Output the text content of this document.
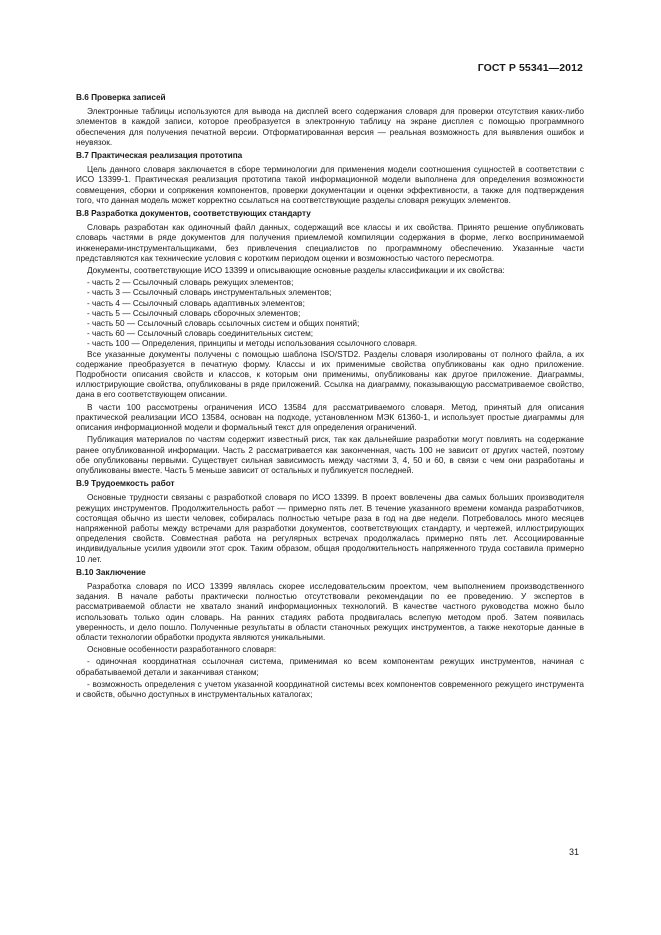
ГОСТ Р 55341—2012
В.6 Проверка записей

Электронные таблицы используются для вывода на дисплей всего содержания словаря для проверки отсутствия каких-либо элементов в каждой записи, которое преобразуется в электронную таблицу на экране дисплея с помощью программного обеспечения для получения печатной версии. Отформатированная версия — реальная возможность для выявления ошибок и неувязок.

В.7 Практическая реализация прототипа

Цель данного словаря заключается в сборе терминологии для применения модели соотношения сущностей в соответствии с ИСО 13399-1. Практическая реализация прототипа такой информационной модели выполнена для определения возможности совмещения, сборки и сопряжения компонентов, проверки документации и оценки эффективности, а также для подтверждения того, что данная модель может корректно ссылаться на соответствующие разделы словаря режущих элементов.

В.8 Разработка документов, соответствующих стандарту

Словарь разработан как одиночный файл данных, содержащий все классы и их свойства. Принято решение опубликовать словарь частями в ряде документов для получения приемлемой компиляции содержания в форме, легко воспринимаемой инженерами-инструментальщиками, без привлечения специалистов по программному обеспечению. Указанные части представляются как технические условия с коротким периодом оценки и возможностью частого пересмотра.

Документы, соответствующие ИСО 13399 и описывающие основные разделы классификации и их свойства:

- часть 2 — Ссылочный словарь режущих элементов;
- часть 3 — Ссылочный словарь инструментальных элементов;
- часть 4 — Ссылочный словарь адаптивных элементов;
- часть 5 — Ссылочный словарь сборочных элементов;
- часть 50 — Ссылочный словарь ссылочных систем и общих понятий;
- часть 60 — Ссылочный словарь соединительных систем;
- часть 100 — Определения, принципы и методы использования ссылочного словаря.

Все указанные документы получены с помощью шаблона ISO/STD2. Разделы словаря изолированы от полного файла, а их содержание преобразуется в печатную форму. Классы и их применимые свойства опубликованы как одно приложение. Подробности описания свойств и классов, к которым они применимы, опубликованы как другое приложение. Диаграммы, иллюстрирующие свойства, опубликованы в ряде приложений. Ссылка на диаграмму, показывающую рассматриваемое свойство, дана в его соответствующем описании.

В части 100 рассмотрены ограничения ИСО 13584 для рассматриваемого словаря. Метод, принятый для описания практической реализации ИСО 13584, основан на подходе, установленном МЭК 61360-1, и использует простые диаграммы для описания информационной модели и формальный текст для определения ограничений.

Публикация материалов по частям содержит известный риск, так как дальнейшие разработки могут повлиять на содержание ранее опубликованной информации. Часть 2 рассматривается как законченная, часть 100 не зависит от других частей, поэтому обе опубликованы первыми. Существует сильная зависимость между частями 3, 4, 50 и 60, в связи с чем они разработаны и опубликованы вместе. Часть 5 меньше зависит от остальных и публикуется последней.

В.9 Трудоемкость работ

Основные трудности связаны с разработкой словаря по ИСО 13399. В проект вовлечены два самых больших производителя режущих инструментов. Продолжительность работ — примерно пять лет. В течение указанного времени команда разработчиков, состоящая обычно из шести человек, собиралась полностью четыре раза в год на две недели. Потребовалось много месяцев напряженной работы между встречами для разработки документов, соответствующих стандарту, и чертежей, иллюстрирующих определения свойств. Совместная работа на регулярных встречах продолжалась примерно пять лет. Ассоциированные индивидуальные усилия удвоили этот срок. Таким образом, общая продолжительность напряженного труда составила примерно 10 лет.

В.10 Заключение

Разработка словаря по ИСО 13399 являлась скорее исследовательским проектом, чем выполнением производственного задания. В начале работы практически полностью отсутствовали рекомендации по ее проведению. У экспертов в рассматриваемой области не хватало знаний информационных технологий. В качестве частного руководства можно было использовать только один словарь. На ранних стадиях работа продвигалась вслепую методом проб. Затем появилась уверенность, и дело пошло. Полученные результаты в области станочных режущих инструментов, а также некоторые данные в области технологии обработки продукта являются уникальными.

Основные особенности разработанного словаря:

- одиночная координатная ссылочная система, применимая ко всем компонентам режущих инструментов, начиная с обрабатываемой детали и заканчивая станком;

- возможность определения с учетом указанной координатной системы всех компонентов современного режущего инструмента и свойств, обычно доступных в инструментальных каталогах;

31
